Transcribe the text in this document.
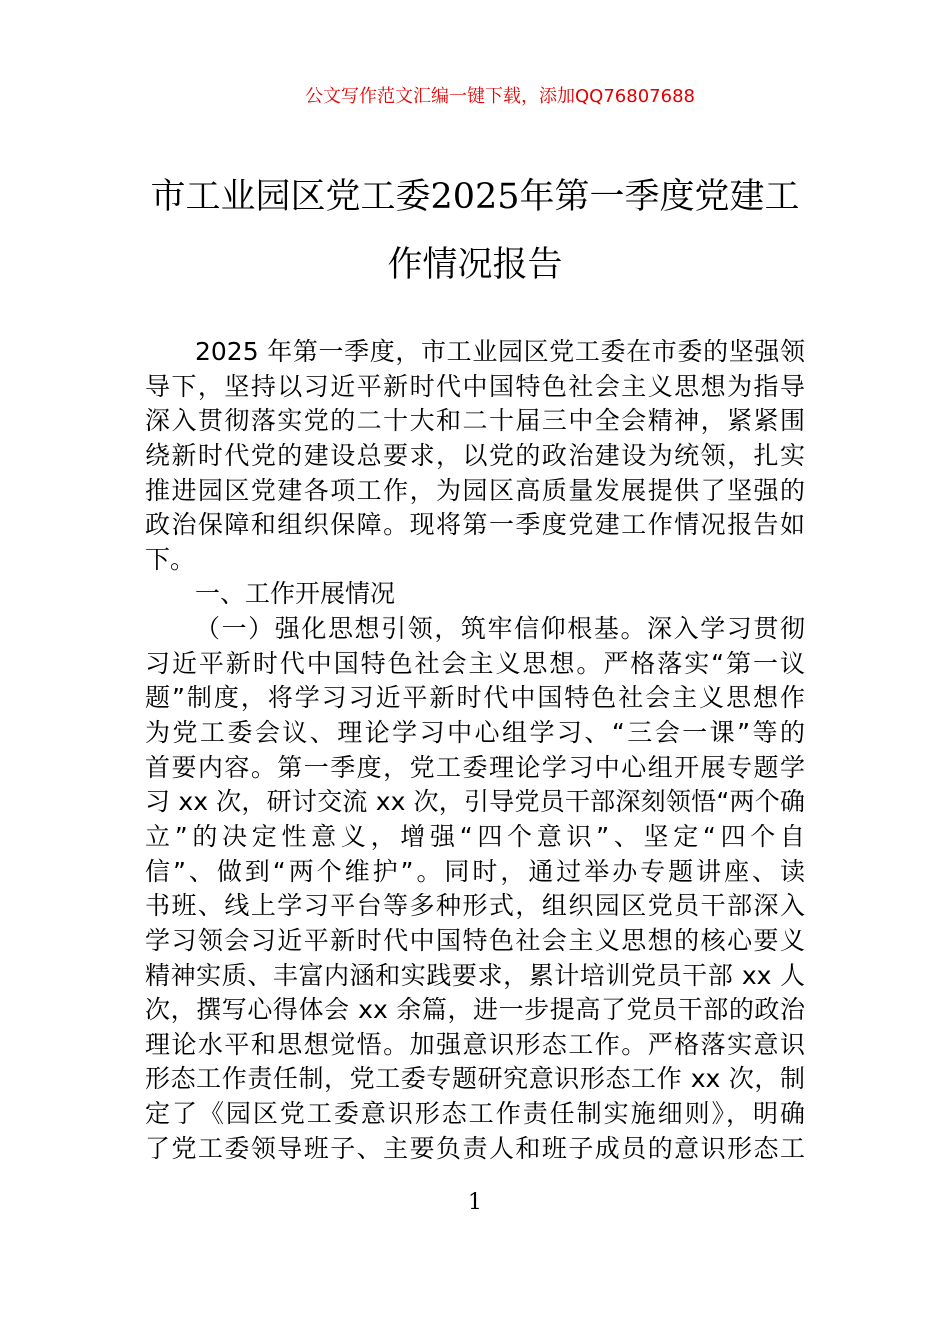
公文写作范文汇编一键下载，添加QQ76807688
市工业园区党工委2025年第一季度党建工
作情况报告
2025 年第一季度，市工业园区党工委在市委的坚强领
导下，坚持以习近平新时代中国特色社会主义思想为指导
深入贯彻落实党的二十大和二十届三中全会精神，紧紧围
绕新时代党的建设总要求，以党的政治建设为统领，扎实
推进园区党建各项工作，为园区高质量发展提供了坚强的
政治保障和组织保障。现将第一季度党建工作情况报告如
下。
一、工作开展情况
（一）强化思想引领，筑牢信仰根基。深入学习贯彻
习近平新时代中国特色社会主义思想。严格落实“第一议
题”制度，将学习习近平新时代中国特色社会主义思想作
为党工委会议、理论学习中心组学习、“三会一课”等的
首要内容。第一季度，党工委理论学习中心组开展专题学
习 xx 次，研讨交流 xx 次，引导党员干部深刻领悟“两个确
立”的决定性意义，增强“四个意识”、坚定“四个自
信”、做到“两个维护”。同时，通过举办专题讲座、读
书班、线上学习平台等多种形式，组织园区党员干部深入
学习领会习近平新时代中国特色社会主义思想的核心要义
精神实质、丰富内涵和实践要求，累计培训党员干部 xx 人
次，撰写心得体会 xx 余篇，进一步提高了党员干部的政治
理论水平和思想觉悟。加强意识形态工作。严格落实意识
形态工作责任制，党工委专题研究意识形态工作 xx 次，制
定了《园区党工委意识形态工作责任制实施细则》，明确
了党工委领导班子、主要负责人和班子成员的意识形态工
1
